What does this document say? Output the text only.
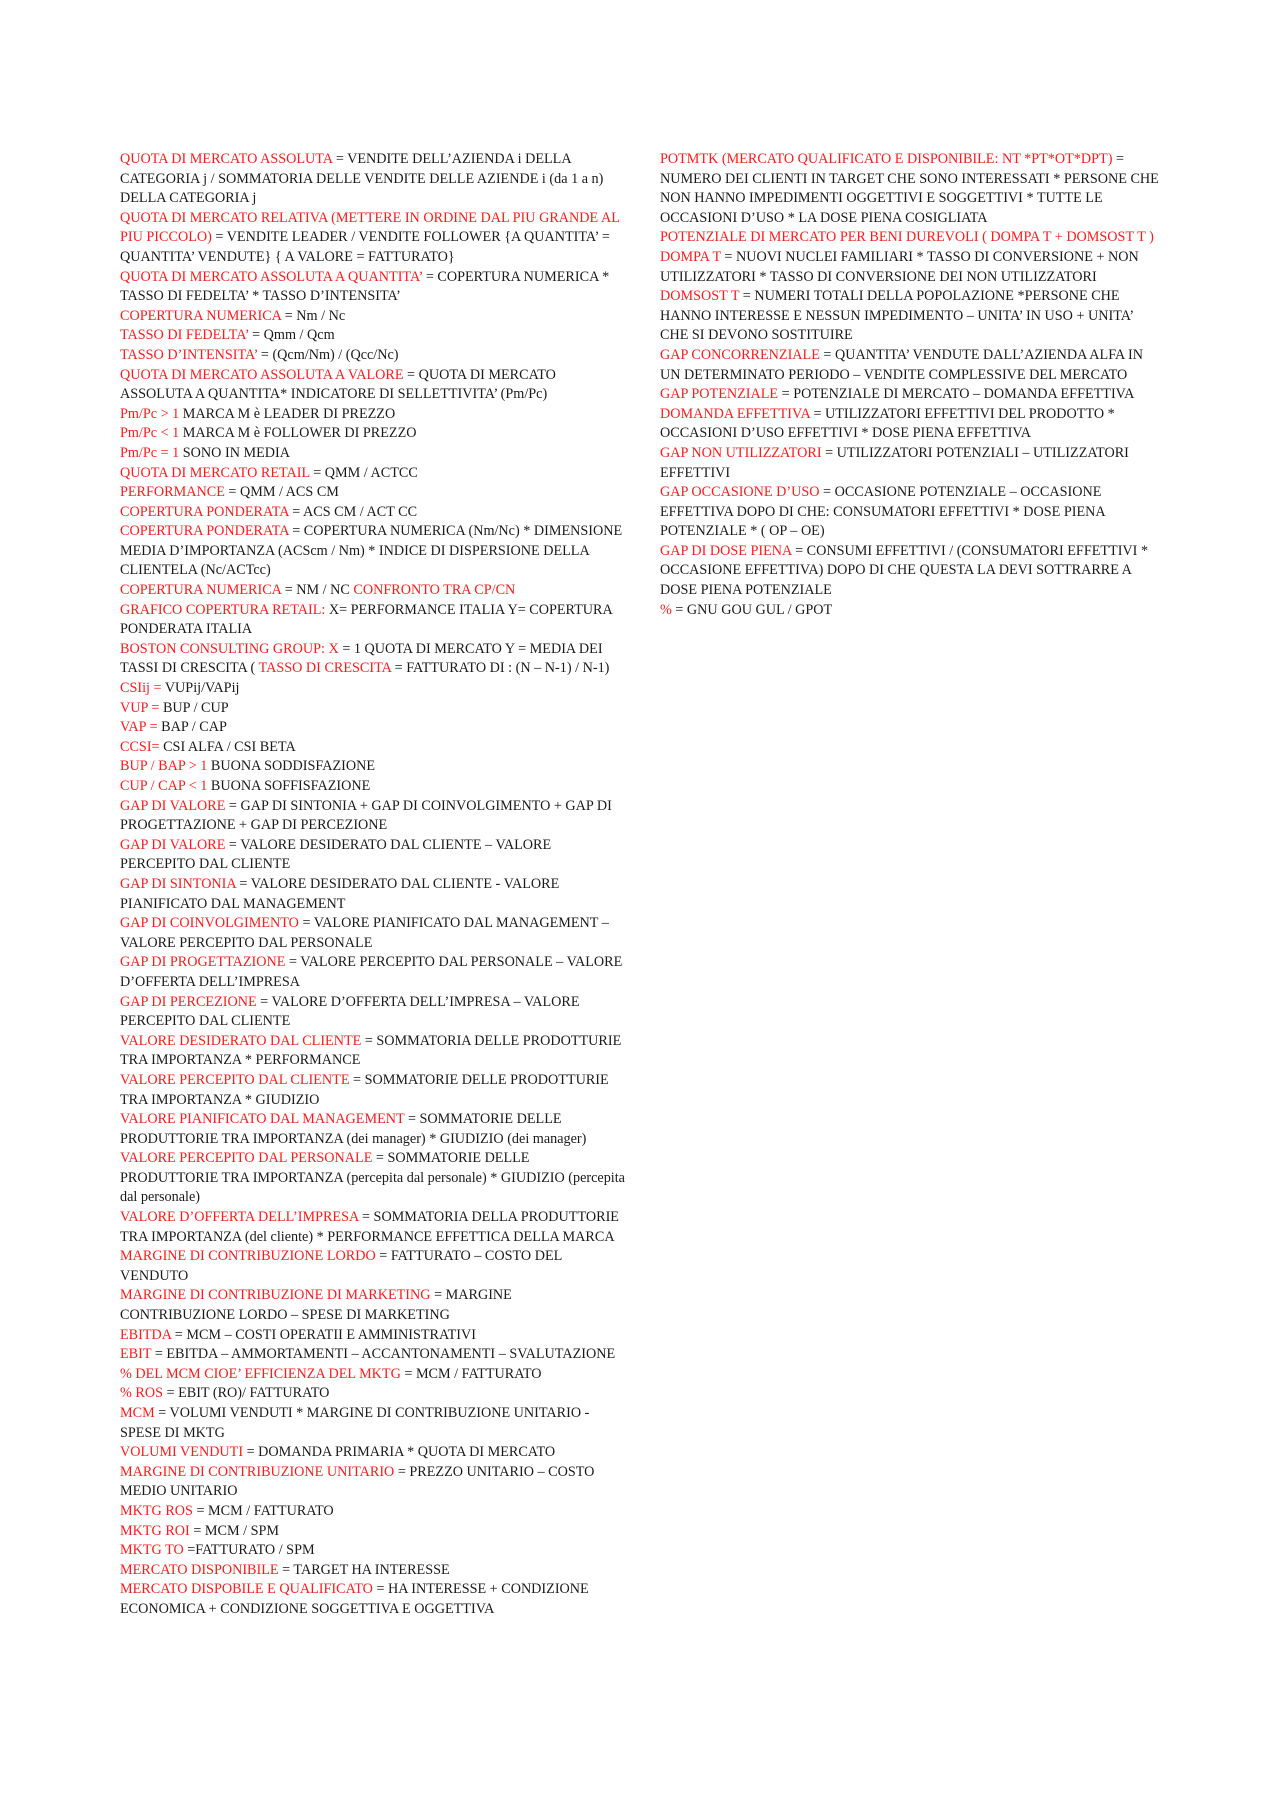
QUOTA DI MERCATO ASSOLUTA = VENDITE DELL’AZIENDA i DELLA CATEGORIA j / SOMMATORIA DELLE VENDITE DELLE AZIENDE i (da 1 a n) DELLA CATEGORIA j

QUOTA DI MERCATO RELATIVA (METTERE IN ORDINE DAL PIU GRANDE AL PIU PICCOLO) = VENDITE LEADER / VENDITE FOLLOWER {A QUANTITA’ = QUANTITA’ VENDUTE} { A VALORE = FATTURATO}

QUOTA DI MERCATO ASSOLUTA A QUANTITA’ = COPERTURA NUMERICA * TASSO DI FEDELTA’ * TASSO D’INTENSITA’

COPERTURA NUMERICA = Nm / Nc

TASSO DI FEDELTA’ = Qmm / Qcm

TASSO D’INTENSITA’ = (Qcm/Nm) / (Qcc/Nc)

QUOTA DI MERCATO ASSOLUTA A VALORE = QUOTA DI MERCATO ASSOLUTA A QUANTITA* INDICATORE DI SELLETTIVITA’ (Pm/Pc)

Pm/Pc > 1 MARCA M è LEADER DI PREZZO

Pm/Pc < 1 MARCA M è FOLLOWER DI PREZZO

Pm/Pc = 1 SONO IN MEDIA

QUOTA DI MERCATO RETAIL = QMM / ACTCC

PERFORMANCE = QMM / ACS CM

COPERTURA PONDERATA = ACS CM / ACT CC

COPERTURA PONDERATA = COPERTURA NUMERICA (Nm/Nc) * DIMENSIONE MEDIA D’IMPORTANZA (ACScm / Nm) * INDICE DI DISPERSIONE DELLA CLIENTELA (Nc/ACTcc)

COPERTURA NUMERICA = NM / NC CONFRONTO TRA CP/CN

GRAFICO COPERTURA RETAIL: X= PERFORMANCE ITALIA Y= COPERTURA PONDERATA ITALIA

BOSTON CONSULTING GROUP: X = 1 QUOTA DI MERCATO Y = MEDIA DEI TASSI DI CRESCITA ( TASSO DI CRESCITA = FATTURATO DI : (N – N-1) / N-1)

CSIij = VUPij/VAPij

VUP = BUP / CUP

VAP = BAP / CAP

CCSI= CSI ALFA / CSI BETA

BUP / BAP > 1 BUONA SODDISFAZIONE

CUP / CAP < 1 BUONA SOFFISFAZIONE

GAP DI VALORE = GAP DI SINTONIA + GAP DI COINVOLGIMENTO + GAP DI PROGETTAZIONE + GAP DI PERCEZIONE

GAP DI VALORE = VALORE DESIDERATO DAL CLIENTE – VALORE PERCEPITO DAL CLIENTE

GAP DI SINTONIA = VALORE DESIDERATO DAL CLIENTE - VALORE PIANIFICATO DAL MANAGEMENT

GAP DI COINVOLGIMENTO = VALORE PIANIFICATO DAL MANAGEMENT – VALORE PERCEPITO DAL PERSONALE

GAP DI PROGETTAZIONE = VALORE PERCEPITO DAL PERSONALE – VALORE D’OFFERTA DELL’IMPRESA

GAP DI PERCEZIONE = VALORE D’OFFERTA DELL’IMPRESA – VALORE PERCEPITO DAL CLIENTE

VALORE DESIDERATO DAL CLIENTE = SOMMATORIA DELLE PRODOTTURIE TRA IMPORTANZA * PERFORMANCE

VALORE PERCEPITO DAL CLIENTE = SOMMATORIE DELLE PRODOTTURIE TRA IMPORTANZA * GIUDIZIO

VALORE PIANIFICATO DAL MANAGEMENT = SOMMATORIE DELLE PRODUTTORIE TRA IMPORTANZA (dei manager) * GIUDIZIO (dei manager)

VALORE PERCEPITO DAL PERSONALE = SOMMATORIE DELLE PRODUTTORIE TRA IMPORTANZA (percepita dal personale) * GIUDIZIO (percepita dal personale)

VALORE D’OFFERTA DELL’IMPRESA = SOMMATORIA DELLA PRODUTTORIE TRA IMPORTANZA (del cliente) * PERFORMANCE EFFETTICA DELLA MARCA

MARGINE DI CONTRIBUZIONE LORDO = FATTURATO – COSTO DEL VENDUTO

MARGINE DI CONTRIBUZIONE DI MARKETING = MARGINE CONTRIBUZIONE LORDO – SPESE DI MARKETING

EBITDA = MCM – COSTI OPERATII E AMMINISTRATIVI

EBIT = EBITDA – AMMORTAMENTI – ACCANTONAMENTI – SVALUTAZIONE

% DEL MCM CIOE’ EFFICIENZA DEL MKTG = MCM / FATTURATO

% ROS = EBIT (RO)/ FATTURATO

MCM = VOLUMI VENDUTI * MARGINE DI CONTRIBUZIONE UNITARIO - SPESE DI MKTG

VOLUMI VENDUTI = DOMANDA PRIMARIA * QUOTA DI MERCATO

MARGINE DI CONTRIBUZIONE UNITARIO = PREZZO UNITARIO – COSTO MEDIO UNITARIO

MKTG ROS = MCM / FATTURATO

MKTG ROI = MCM / SPM

MKTG TO =FATTURATO / SPM

MERCATO DISPONIBILE = TARGET HA INTERESSE

MERCATO DISPOBILE E QUALIFICATO = HA INTERESSE + CONDIZIONE ECONOMICA + CONDIZIONE SOGGETTIVA E OGGETTIVA

POTMTK (MERCATO QUALIFICATO E DISPONIBILE: NT *PT*OT*DPT) = NUMERO DEI CLIENTI IN TARGET CHE SONO INTERESSATI * PERSONE CHE NON HANNO IMPEDIMENTI OGGETTIVI E SOGGETTIVI * TUTTE LE OCCASIONI D’USO * LA DOSE PIENA COSIGLIATA

POTENZIALE DI MERCATO PER BENI DUREVOLI ( DOMPA T + DOMSOST T )

DOMPA T = NUOVI NUCLEI FAMILIARI * TASSO DI CONVERSIONE + NON UTILIZZATORI * TASSO DI CONVERSIONE DEI NON UTILIZZATORI

DOMSOST T = NUMERI TOTALI DELLA POPOLAZIONE *PERSONE CHE HANNO INTERESSE E NESSUN IMPEDIMENTO – UNITA’ IN USO + UNITA’ CHE SI DEVONO SOSTITUIRE

GAP CONCORRENZIALE = QUANTITA’ VENDUTE DALL’AZIENDA ALFA IN UN DETERMINATO PERIODO – VENDITE COMPLESSIVE DEL MERCATO

GAP POTENZIALE = POTENZIALE DI MERCATO – DOMANDA EFFETTIVA

DOMANDA EFFETTIVA = UTILIZZATORI EFFETTIVI DEL PRODOTTO * OCCASIONI D’USO EFFETTIVI * DOSE PIENA EFFETTIVA

GAP NON UTILIZZATORI = UTILIZZATORI POTENZIALI – UTILIZZATORI EFFETTIVI

GAP OCCASIONE D’USO = OCCASIONE POTENZIALE – OCCASIONE EFFETTIVA DOPO DI CHE: CONSUMATORI EFFETTIVI * DOSE PIENA POTENZIALE * ( OP – OE)

GAP DI DOSE PIENA = CONSUMI EFFETTIVI / (CONSUMATORI EFFETTIVI * OCCASIONE EFFETTIVA) DOPO DI CHE QUESTA LA DEVI SOTTRARRE A DOSE PIENA POTENZIALE

% = GNU GOU GUL / GPOT
